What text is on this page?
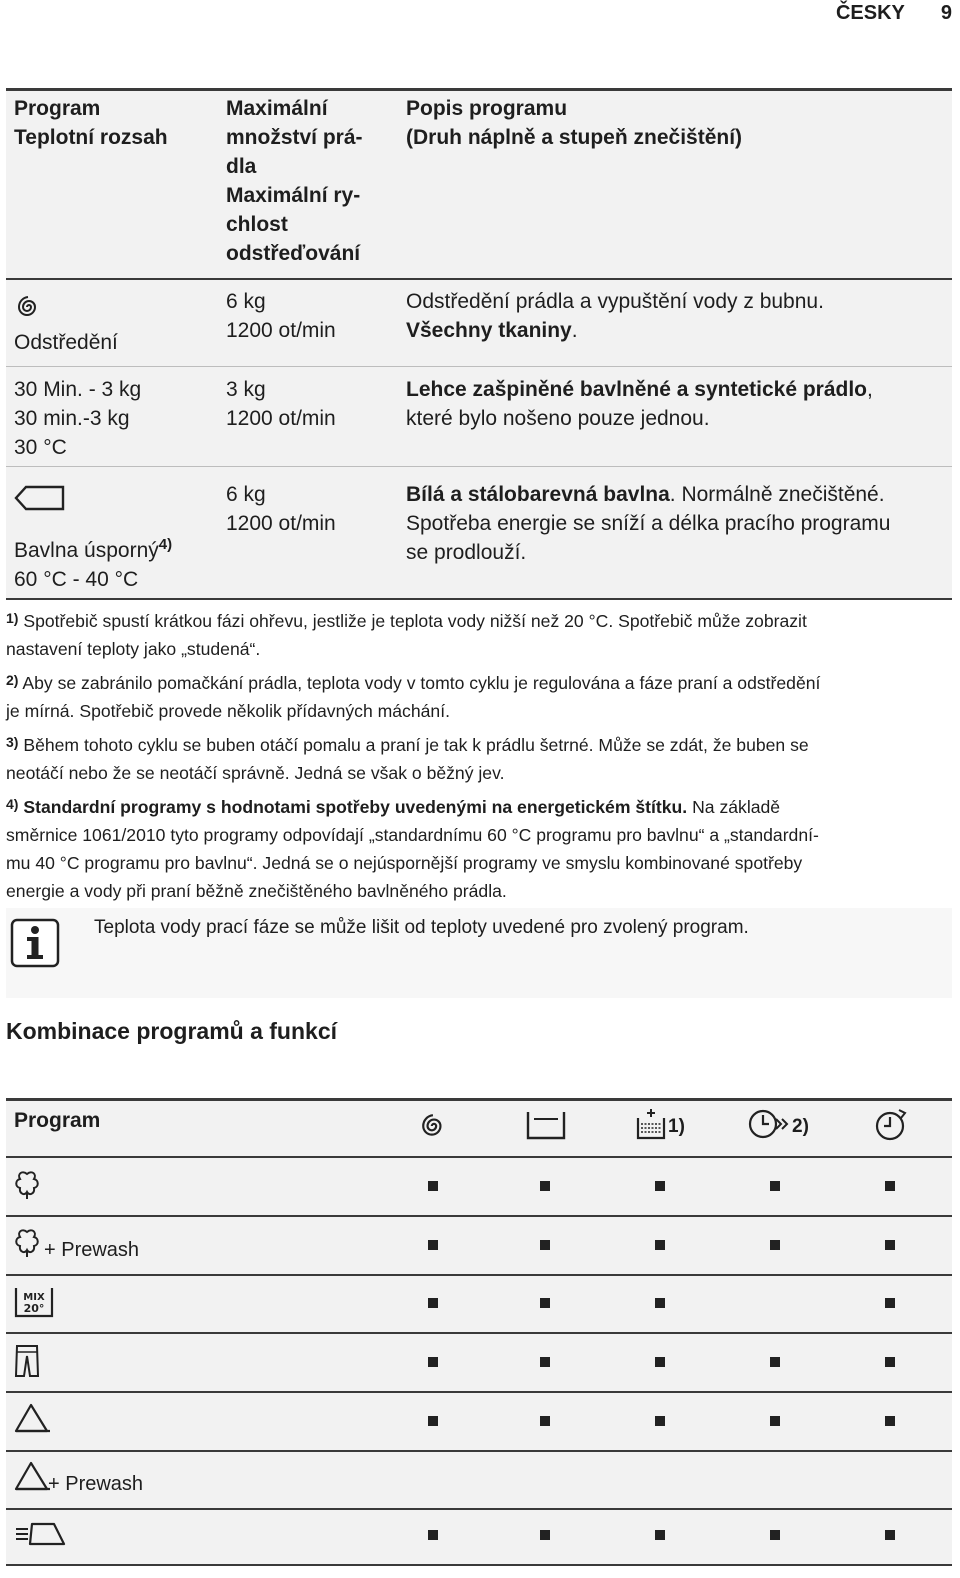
ČESKY 9
Program
Teplotní rozsah
Maximální
množství prá-
dla
Maximální ry-
chlost
odstřeďování
Popis programu
(Druh náplně a stupeň znečištění)
Odstředění
6 kg
1200 ot/min
Odstředění prádla a vypuštění vody z bubnu.
Všechny tkaniny.
30 Min. - 3 kg
30 min.-3 kg
30 °C
3 kg
1200 ot/min
Lehce zašpiněné bavlněné a syntetické prádlo,
které bylo nošeno pouze jednou.
Bavlna úsporný$^{4)}$
60 °C - 40 °C
6 kg
1200 ot/min
Bílá a stálobarevná bavlna. Normálně znečištěné.
Spotřeba energie se sníží a délka pracího programu
se prodlouží.
$^{1)}$ Spotřebič spustí krátkou fázi ohřevu, jestliže je teplota vody nižší než 20 °C. Spotřebič může zobrazit
nastavení teploty jako „studená“.
$^{2)}$ Aby se zabránilo pomačkání prádla, teplota vody v tomto cyklu je regulována a fáze praní a odstředění
je mírná. Spotřebič provede několik přídavných máchání.
$^{3)}$ Během tohoto cyklu se buben otáčí pomalu a praní je tak k prádlu šetrné. Může se zdát, že buben se
neotáčí nebo že se neotáčí správně. Jedná se však o běžný jev.
$^{4)}$ Standardní programy s hodnotami spotřeby uvedenými na energetickém štítku. Na základě
směrnice 1061/2010 tyto programy odpovídají „standardnímu 60 °C programu pro bavlnu“ a „standardní-
mu 40 °C programu pro bavlnu“. Jedná se o nejúspornější programy ve smyslu kombinované spotřeby
energie a vody při praní běžně znečištěného bavlněného prádla.
Teplota vody prací fáze se může lišit od teploty uvedené pro zvolený program.
Kombinace programů a funkcí
Program	1)	2)
+ Prewash
MIX
20°
+ Prewash
